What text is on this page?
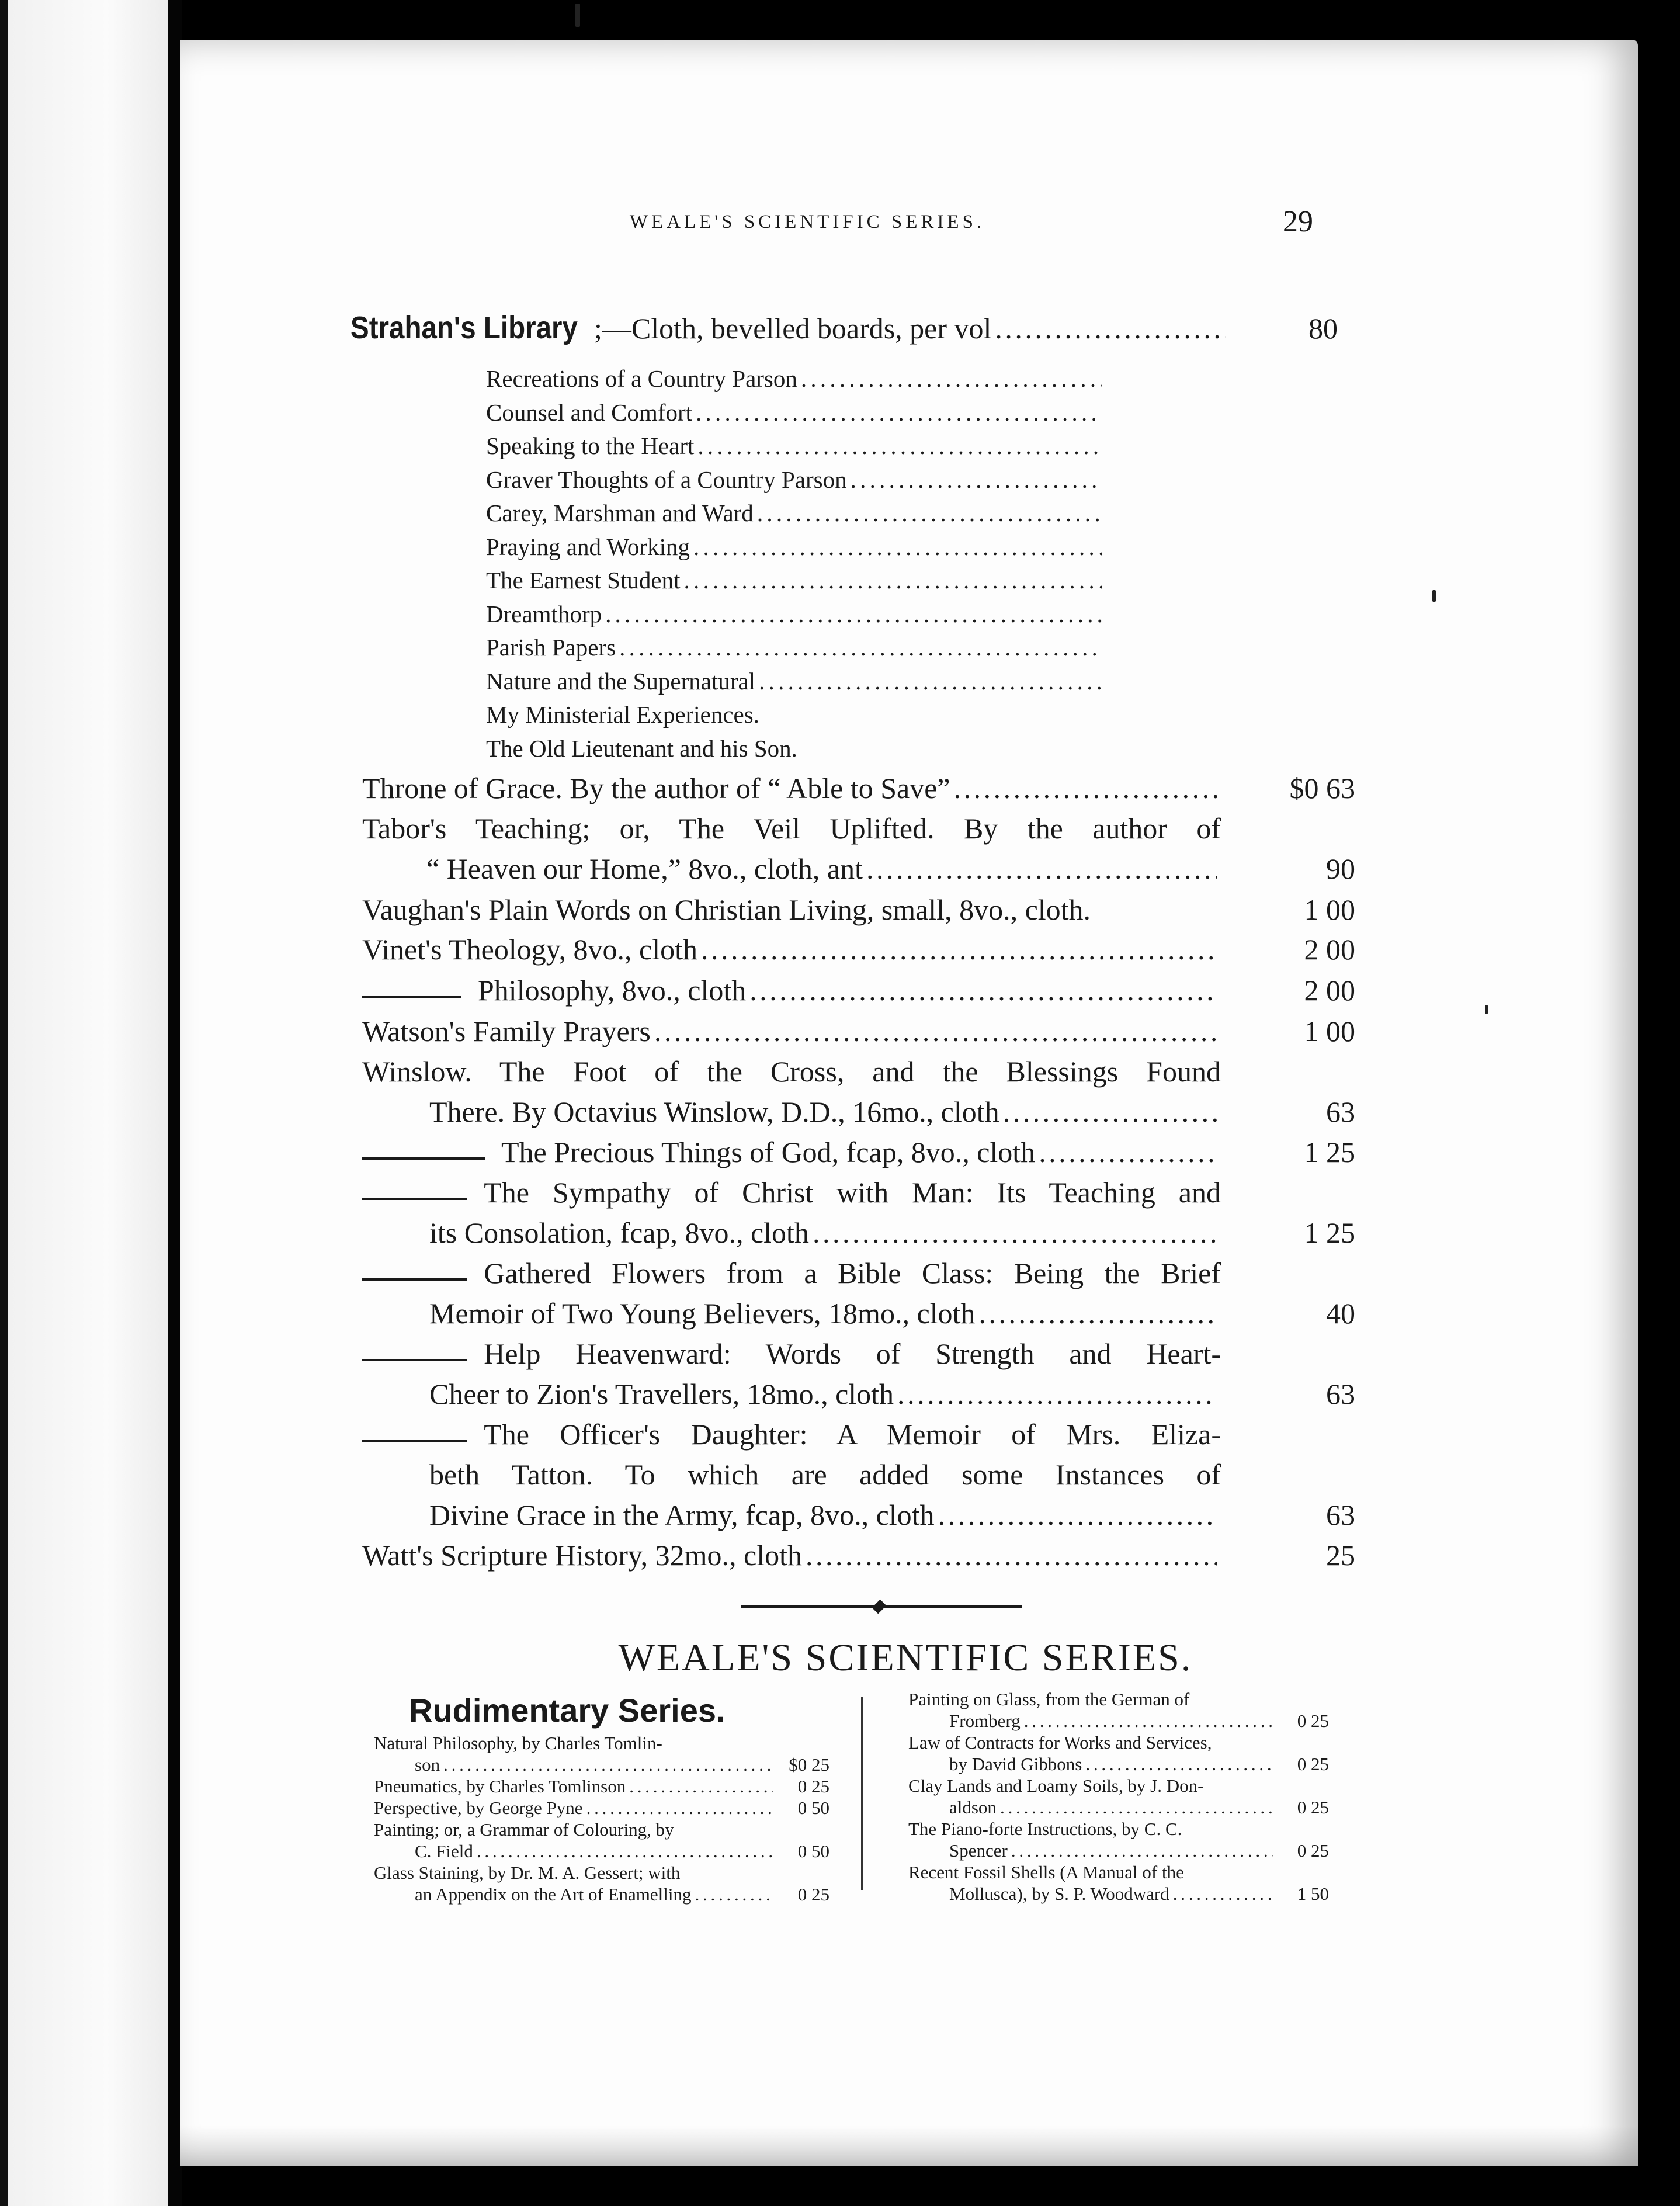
WEALE'S SCIENTIFIC SERIES.	29
Strahan's Library ;—Cloth, bevelled boards, per vol . . .	80
Recreations of a Country Parson
. . .
Counsel and Comfort
. . .
Speaking to the Heart
. . .
Graver Thoughts of a Country Parson
. . .
Carey, Marshman and Ward
. . .
Praying and Working
. . .
The Earnest Student
. . .
Dreamthorp
. . .
Parish Papers
. . .
Nature and the Supernatural
. . .
My Ministerial Experiences.
The Old Lieutenant and his Son.
Throne of Grace. By the author of “ Able to Save” . . .	$0 63
Tabor's Teaching; or, The Veil Uplifted. By the author of
“ Heaven our Home,” 8vo., cloth, ant . . .	90
Vaughan's Plain Words on Christian Living, small, 8vo., cloth.	1 00
Vinet's Theology, 8vo., cloth . . .	2 00
Philosophy, 8vo., cloth . . .	2 00
Watson's Family Prayers . . .	1 00
Winslow. The Foot of the Cross, and the Blessings Found
There. By Octavius Winslow, D.D., 16mo., cloth . . .	63
The Precious Things of God, fcap, 8vo., cloth . . .	1 25
The Sympathy of Christ with Man: Its Teaching and
its Consolation, fcap, 8vo., cloth . . .	1 25
Gathered Flowers from a Bible Class: Being the Brief
Memoir of Two Young Believers, 18mo., cloth . . .	40
Help Heavenward: Words of Strength and Heart-
Cheer to Zion's Travellers, 18mo., cloth . . .	63
The Officer's Daughter: A Memoir of Mrs. Eliza-
beth Tatton. To which are added some Instances of
Divine Grace in the Army, fcap, 8vo., cloth . . .	63
Watt's Scripture History, 32mo., cloth . . .	25
WEALE'S SCIENTIFIC SERIES.
Rudimentary Series.
Natural Philosophy, by Charles Tomlin-
son . . .	$0 25
Pneumatics, by Charles Tomlinson . . .	0 25
Perspective, by George Pyne . . .	0 50
Painting; or, a Grammar of Colouring, by
C. Field . . .	0 50
Glass Staining, by Dr. M. A. Gessert; with
an Appendix on the Art of Enamelling . . .	0 25
Painting on Glass, from the German of
Fromberg . . .	0 25
Law of Contracts for Works and Services,
by David Gibbons . . .	0 25
Clay Lands and Loamy Soils, by J. Don-
aldson . . .	0 25
The Piano-forte Instructions, by C. C.
Spencer . . .	0 25
Recent Fossil Shells (A Manual of the
Mollusca), by S. P. Woodward . . .	1 50
